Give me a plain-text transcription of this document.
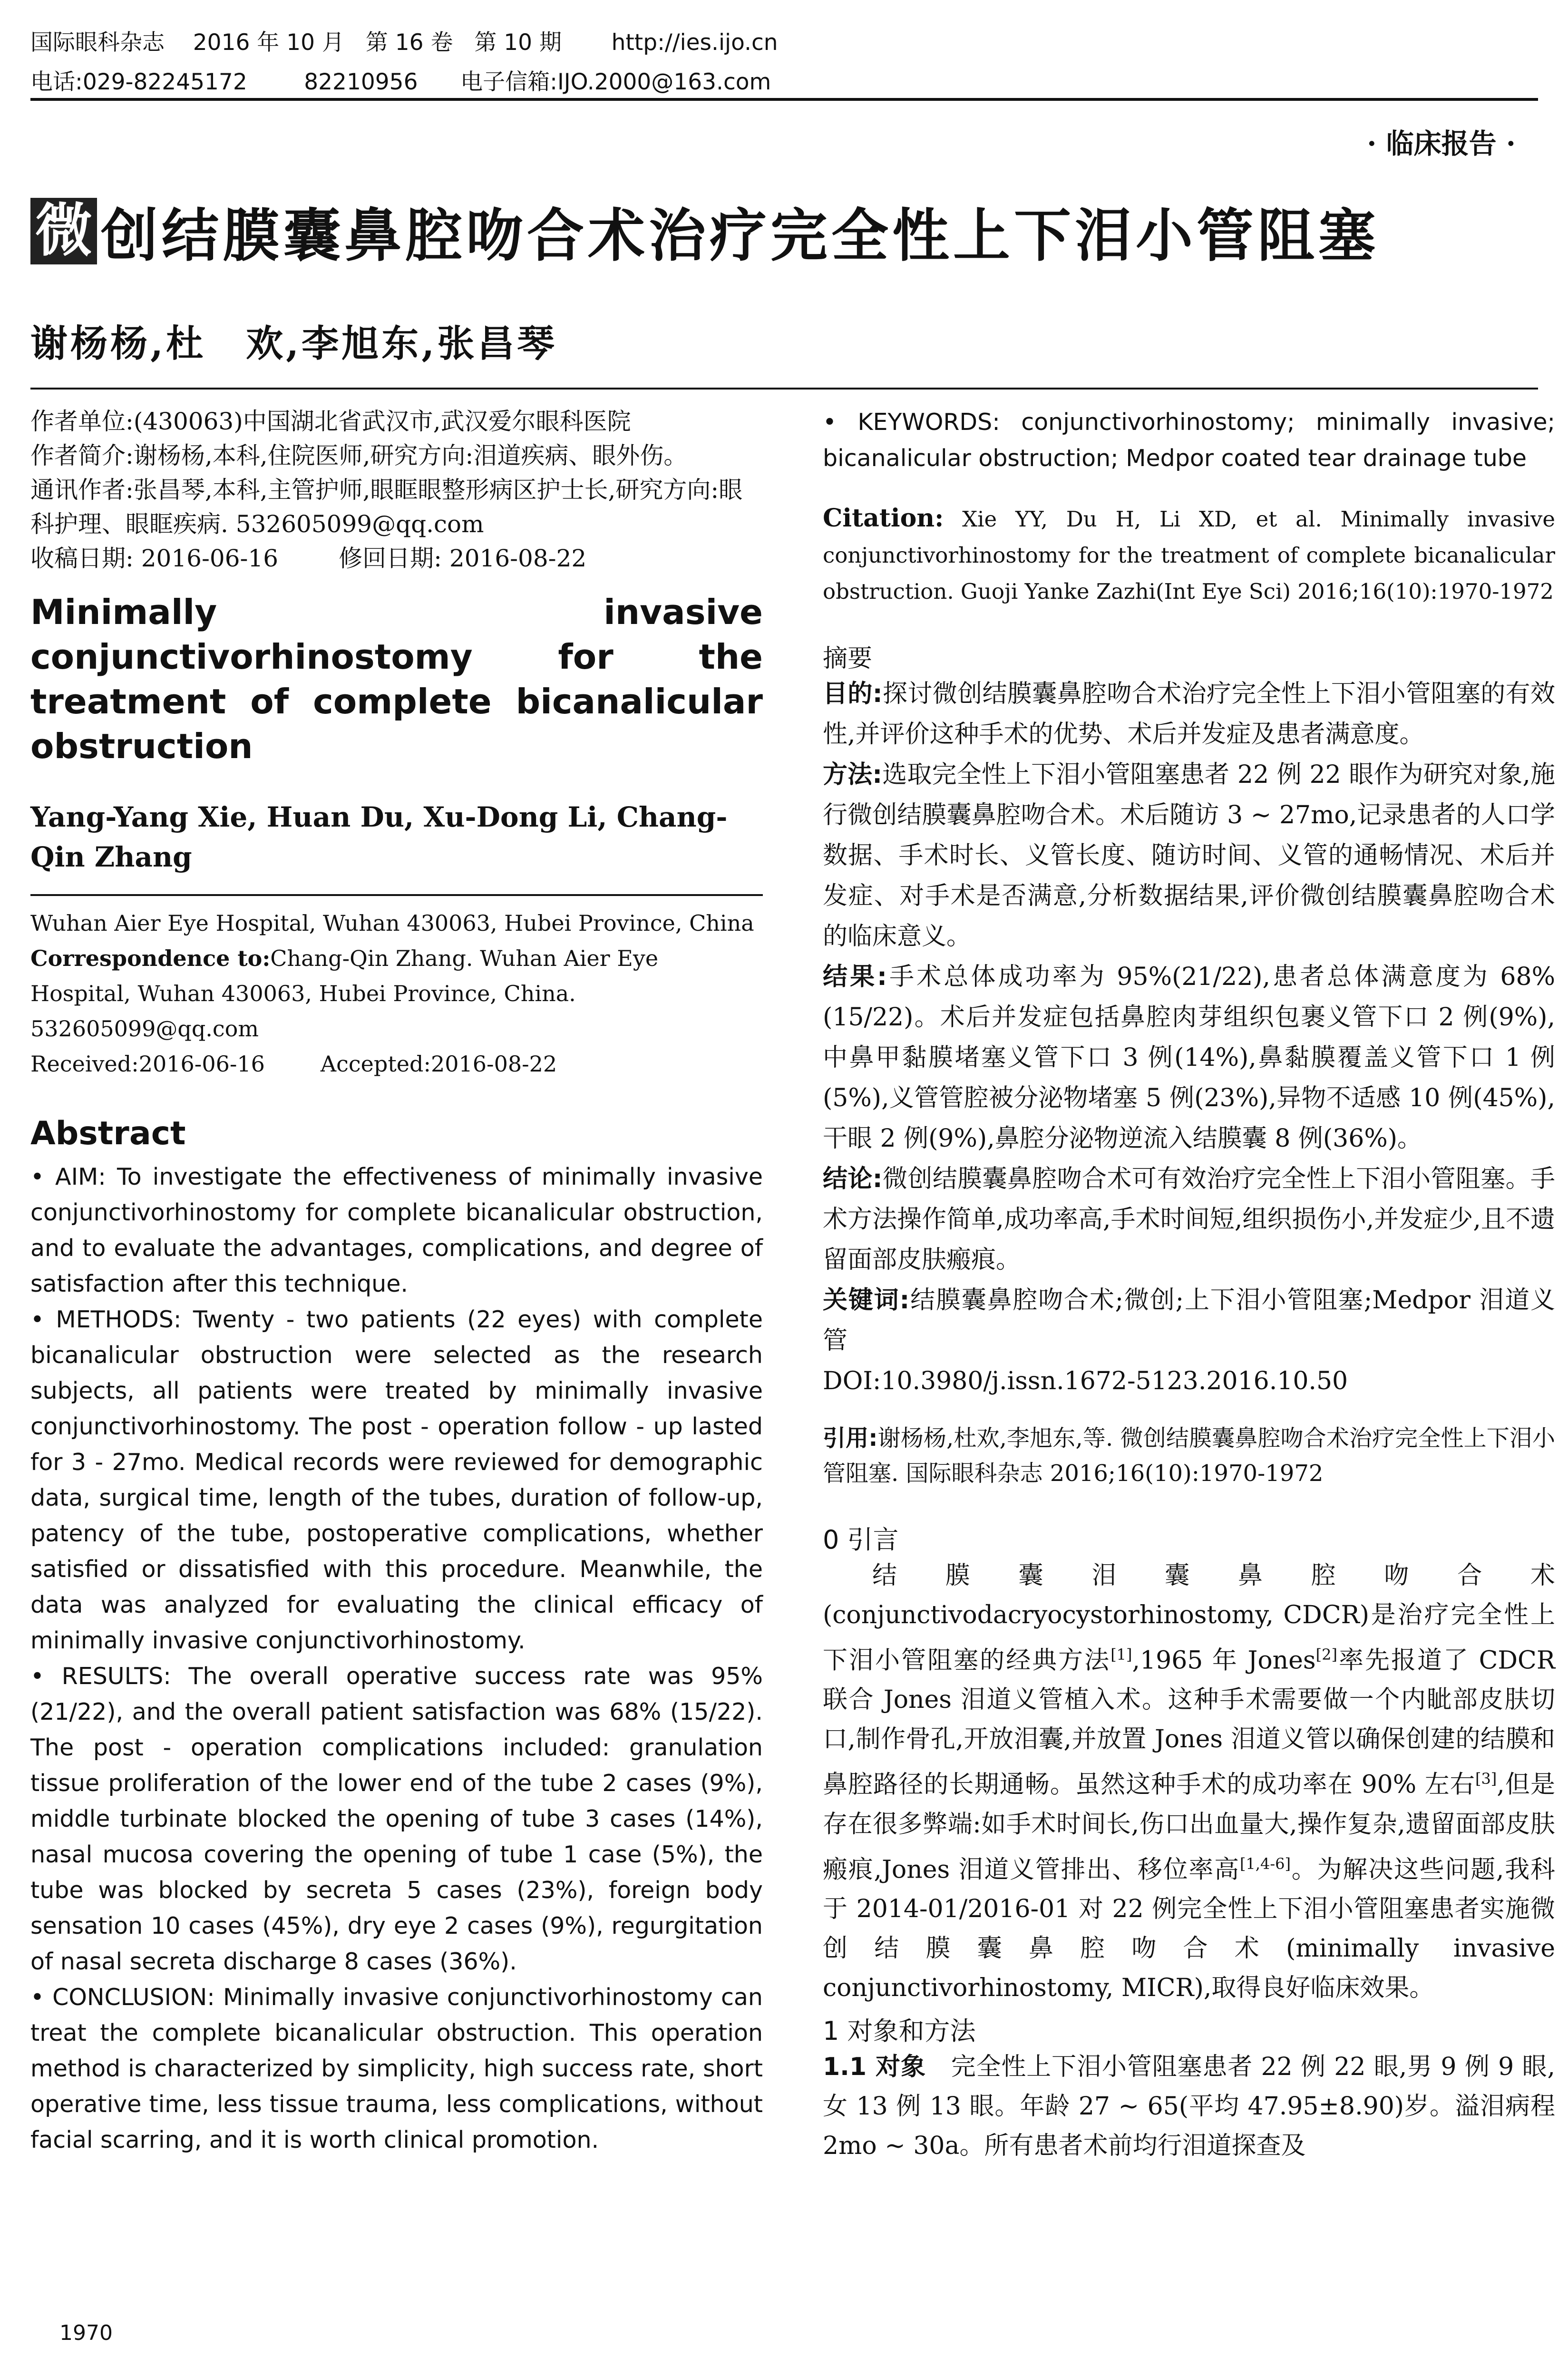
国际眼科杂志    2016 年 10 月   第 16 卷   第 10 期       http://ies.ijo.cn
电话:029-82245172        82210956      电子信箱:IJO.2000@163.com
· 临床报告 ·
微 创结膜囊鼻腔吻合术治疗完全性上下泪小管阻塞
谢杨杨,杜　欢,李旭东,张昌琴

作者单位:(430063)中国湖北省武汉市,武汉爱尔眼科医院

作者简介:谢杨杨,本科,住院医师,研究方向:泪道疾病、眼外伤。

通讯作者:张昌琴,本科,主管护师,眼眶眼整形病区护士长,研究方向:眼科护理、眼眶疾病. 532605099@qq.com

收稿日期: 2016-06-16        修回日期: 2016-08-22

Minimally invasive conjunctivorhinostomy for the treatment of complete bicanalicular obstruction
Yang-Yang Xie, Huan Du, Xu-Dong Li, Chang-Qin Zhang

Wuhan Aier Eye Hospital, Wuhan 430063, Hubei Province, China

Correspondence to:Chang-Qin Zhang. Wuhan Aier Eye Hospital, Wuhan 430063, Hubei Province, China. 532605099@qq.com

Received:2016-06-16        Accepted:2016-08-22

Abstract

• AIM: To investigate the effectiveness of minimally invasive conjunctivorhinostomy for complete bicanalicular obstruction, and to evaluate the advantages, complications, and degree of satisfaction after this technique.

• METHODS: Twenty - two patients (22 eyes) with complete bicanalicular obstruction were selected as the research subjects, all patients were treated by minimally invasive conjunctivorhinostomy. The post - operation follow - up lasted for 3 - 27mo. Medical records were reviewed for demographic data, surgical time, length of the tubes, duration of follow-up, patency of the tube, postoperative complications, whether satisfied or dissatisfied with this procedure. Meanwhile, the data was analyzed for evaluating the clinical efficacy of minimally invasive conjunctivorhinostomy.

• RESULTS: The overall operative success rate was 95% (21/22), and the overall patient satisfaction was 68% (15/22). The post - operation complications included: granulation tissue proliferation of the lower end of the tube 2 cases (9%), middle turbinate blocked the opening of tube 3 cases (14%), nasal mucosa covering the opening of tube 1 case (5%), the tube was blocked by secreta 5 cases (23%), foreign body sensation 10 cases (45%), dry eye 2 cases (9%), regurgitation of nasal secreta discharge 8 cases (36%).

• CONCLUSION: Minimally invasive conjunctivorhinostomy can treat the complete bicanalicular obstruction. This operation method is characterized by simplicity, high success rate, short operative time, less tissue trauma, less complications, without facial scarring, and it is worth clinical promotion.

• KEYWORDS: conjunctivorhinostomy; minimally invasive; bicanalicular obstruction; Medpor coated tear drainage tube

Citation: Xie YY, Du H, Li XD, et al. Minimally invasive conjunctivorhinostomy for the treatment of complete bicanalicular obstruction. Guoji Yanke Zazhi(Int Eye Sci) 2016;16(10):1970-1972

摘要

目的:探讨微创结膜囊鼻腔吻合术治疗完全性上下泪小管阻塞的有效性,并评价这种手术的优势、术后并发症及患者满意度。

方法:选取完全性上下泪小管阻塞患者 22 例 22 眼作为研究对象,施行微创结膜囊鼻腔吻合术。术后随访 3 ~ 27mo,记录患者的人口学数据、手术时长、义管长度、随访时间、义管的通畅情况、术后并发症、对手术是否满意,分析数据结果,评价微创结膜囊鼻腔吻合术的临床意义。

结果:手术总体成功率为 95%(21/22),患者总体满意度为 68%(15/22)。术后并发症包括鼻腔肉芽组织包裹义管下口 2 例(9%),中鼻甲黏膜堵塞义管下口 3 例(14%),鼻黏膜覆盖义管下口 1 例(5%),义管管腔被分泌物堵塞 5 例(23%),异物不适感 10 例(45%),干眼 2 例(9%),鼻腔分泌物逆流入结膜囊 8 例(36%)。

结论:微创结膜囊鼻腔吻合术可有效治疗完全性上下泪小管阻塞。手术方法操作简单,成功率高,手术时间短,组织损伤小,并发症少,且不遗留面部皮肤瘢痕。

关键词:结膜囊鼻腔吻合术;微创;上下泪小管阻塞;Medpor 泪道义管

DOI:10.3980/j.issn.1672-5123.2016.10.50

引用:谢杨杨,杜欢,李旭东,等. 微创结膜囊鼻腔吻合术治疗完全性上下泪小管阻塞. 国际眼科杂志 2016;16(10):1970-1972

0 引言

结膜囊泪囊鼻腔吻合术(conjunctivodacryocystorhinostomy, CDCR)是治疗完全性上下泪小管阻塞的经典方法[1],1965 年 Jones[2]率先报道了 CDCR 联合 Jones 泪道义管植入术。这种手术需要做一个内眦部皮肤切口,制作骨孔,开放泪囊,并放置 Jones 泪道义管以确保创建的结膜和鼻腔路径的长期通畅。虽然这种手术的成功率在 90% 左右[3],但是存在很多弊端:如手术时间长,伤口出血量大,操作复杂,遗留面部皮肤瘢痕,Jones 泪道义管排出、移位率高[1,4-6]。为解决这些问题,我科于 2014-01/2016-01 对 22 例完全性上下泪小管阻塞患者实施微创结膜囊鼻腔吻合术(minimally invasive conjunctivorhinostomy, MICR),取得良好临床效果。

1 对象和方法

1.1 对象　 完全性上下泪小管阻塞患者 22 例 22 眼,男 9 例 9 眼,女 13 例 13 眼。年龄 27 ~ 65(平均 47.95±8.90)岁。溢泪病程 2mo ~ 30a。所有患者术前均行泪道探查及

1970
